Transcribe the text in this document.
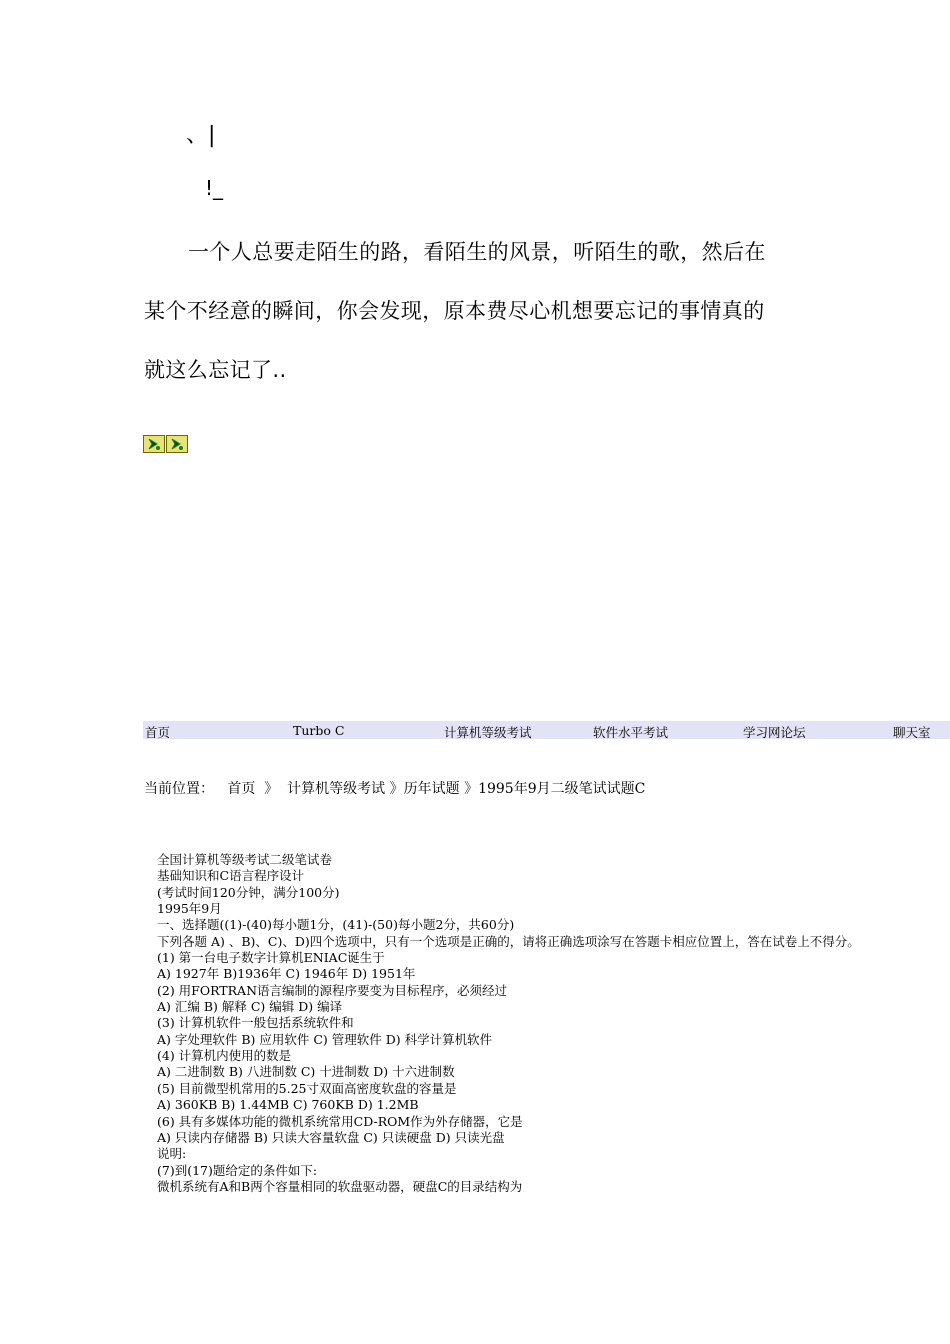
、|
!_
一个人总要走陌生的路，看陌生的风景，听陌生的歌，然后在
某个不经意的瞬间，你会发现，原本费尽心机想要忘记的事情真的
就这么忘记了..
首页	Turbo C	计算机等级考试	软件水平考试	学习网论坛	聊天室
当前位置： 首页 》 计算机等级考试 》历年试题 》1995年9月二级笔试试题C
全国计算机等级考试二级笔试卷
基础知识和C语言程序设计
(考试时间120分钟，满分100分)
1995年9月
一、选择题((1)-(40)每小题1分，(41)-(50)每小题2分，共60分)
下列各题 A) 、B)、C)、D)四个选项中，只有一个选项是正确的，请将正确选项涂写在答题卡相应位置上，答在试卷上不得分。
(1) 第一台电子数字计算机ENIAC诞生于
A) 1927年 B)1936年 C) 1946年 D) 1951年
(2) 用FORTRAN语言编制的源程序要变为目标程序，必须经过
A) 汇编 B) 解释 C) 编辑 D) 编译
(3) 计算机软件一般包括系统软件和
A) 字处理软件 B) 应用软件 C) 管理软件 D) 科学计算机软件
(4) 计算机内使用的数是
A) 二进制数 B) 八进制数 C) 十进制数 D) 十六进制数
(5) 目前微型机常用的5.25寸双面高密度软盘的容量是
A) 360KB B) 1.44MB C) 760KB D) 1.2MB
(6) 具有多媒体功能的微机系统常用CD-ROM作为外存储器，它是
A) 只读内存储器 B) 只读大容量软盘 C) 只读硬盘 D) 只读光盘
说明:
(7)到(17)题给定的条件如下:
微机系统有A和B两个容量相同的软盘驱动器，硬盘C的目录结构为
